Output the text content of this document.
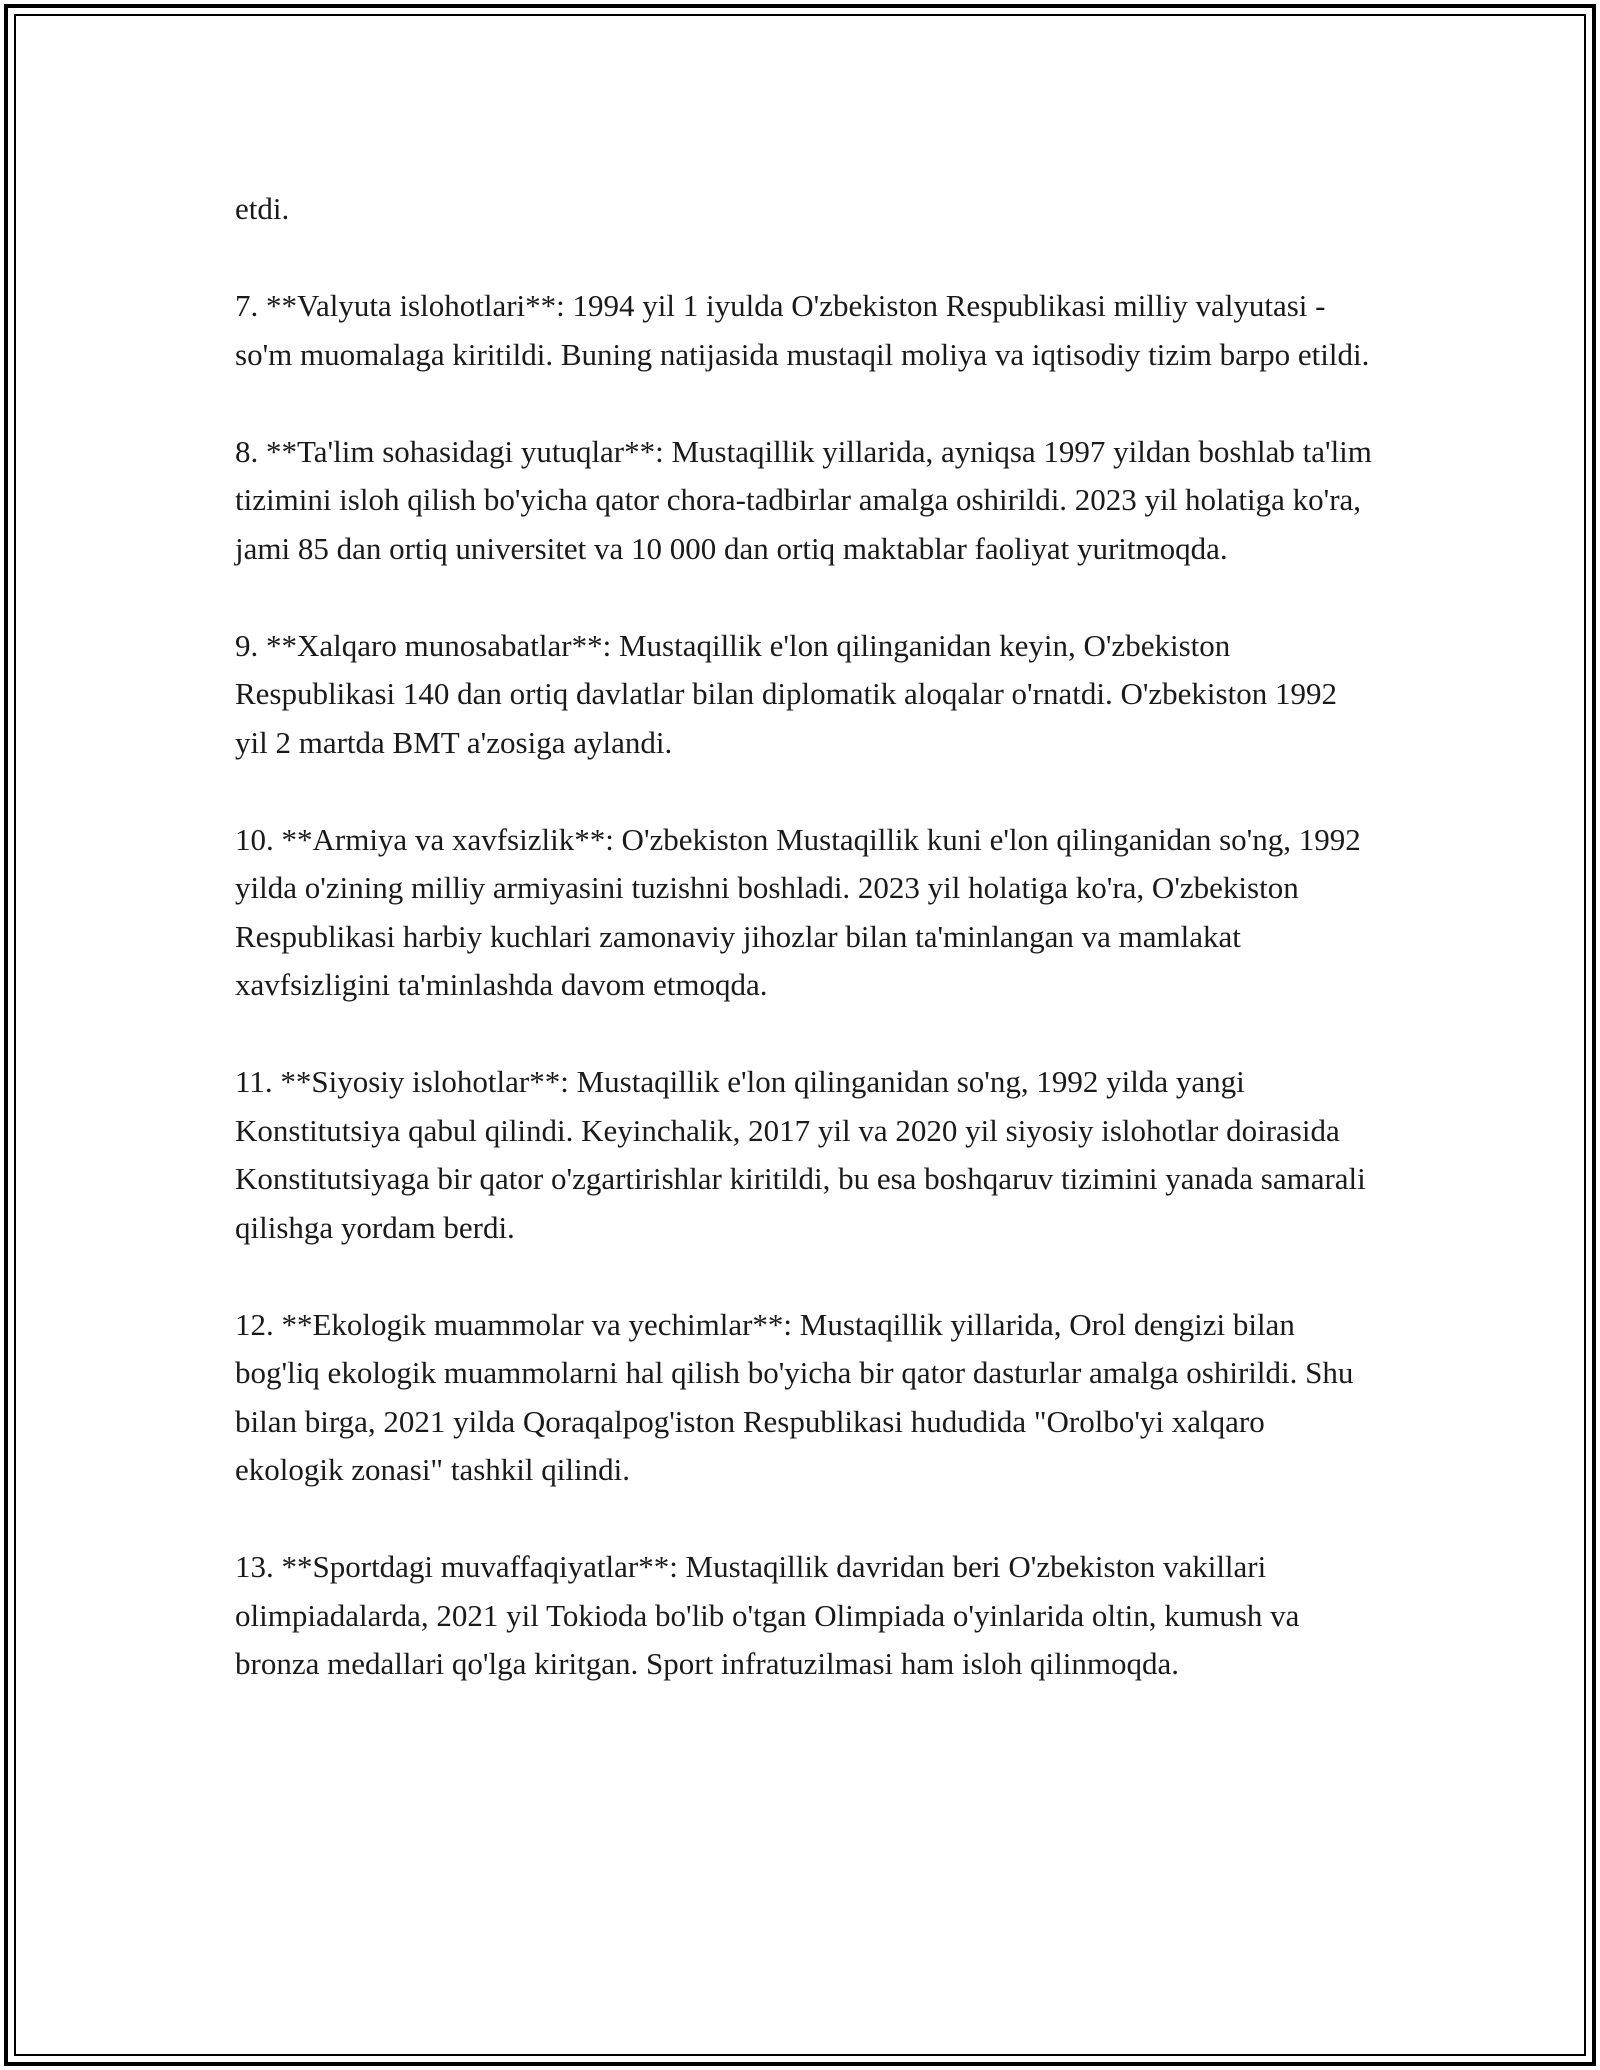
etdi.

7. **Valyuta islohotlari**: 1994 yil 1 iyulda O'zbekiston Respublikasi milliy valyutasi - so'm muomalaga kiritildi. Buning natijasida mustaqil moliya va iqtisodiy tizim barpo etildi.

8. **Ta'lim sohasidagi yutuqlar**: Mustaqillik yillarida, ayniqsa 1997 yildan boshlab ta'lim tizimini isloh qilish bo'yicha qator chora-tadbirlar amalga oshirildi. 2023 yil holatiga ko'ra, jami 85 dan ortiq universitet va 10 000 dan ortiq maktablar faoliyat yuritmoqda.

9. **Xalqaro munosabatlar**: Mustaqillik e'lon qilinganidan keyin, O'zbekiston Respublikasi 140 dan ortiq davlatlar bilan diplomatik aloqalar o'rnatdi. O'zbekiston 1992 yil 2 martda BMT a'zosiga aylandi.

10. **Armiya va xavfsizlik**: O'zbekiston Mustaqillik kuni e'lon qilinganidan so'ng, 1992 yilda o'zining milliy armiyasini tuzishni boshladi. 2023 yil holatiga ko'ra, O'zbekiston Respublikasi harbiy kuchlari zamonaviy jihozlar bilan ta'minlangan va mamlakat xavfsizligini ta'minlashda davom etmoqda.

11. **Siyosiy islohotlar**: Mustaqillik e'lon qilinganidan so'ng, 1992 yilda yangi Konstitutsiya qabul qilindi. Keyinchalik, 2017 yil va 2020 yil siyosiy islohotlar doirasida Konstitutsiyaga bir qator o'zgartirishlar kiritildi, bu esa boshqaruv tizimini yanada samarali qilishga yordam berdi.

12. **Ekologik muammolar va yechimlar**: Mustaqillik yillarida, Orol dengizi bilan bog'liq ekologik muammolarni hal qilish bo'yicha bir qator dasturlar amalga oshirildi. Shu bilan birga, 2021 yilda Qoraqalpog'iston Respublikasi hududida "Orolbo'yi xalqaro ekologik zonasi" tashkil qilindi.

13. **Sportdagi muvaffaqiyatlar**: Mustaqillik davridan beri O'zbekiston vakillari olimpiadalarda, 2021 yil Tokioda bo'lib o'tgan Olimpiada o'yinlarida oltin, kumush va bronza medallari qo'lga kiritgan. Sport infratuzilmasi ham isloh qilinmoqda.
